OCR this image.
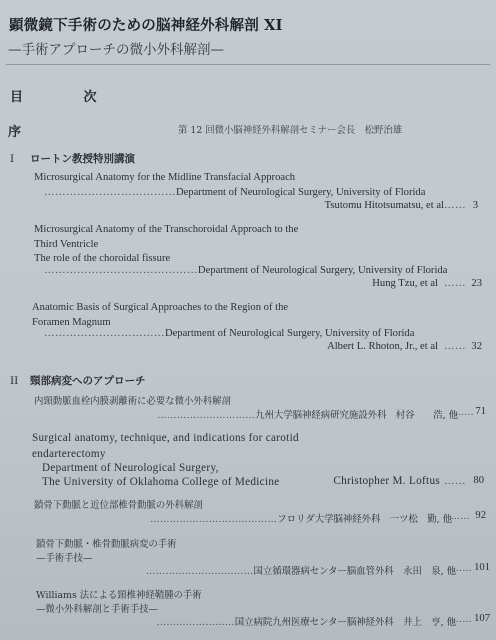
顕微鏡下手術のための脳神経外科解剖 XI
—手術アプローチの微小外科解剖—
目 次
序	第 12 回微小脳神経外科解剖セミナー会長　松野治雄
I ロートン教授特別講演
Microsurgical Anatomy for the Midline Transfacial Approach
………………………………Department of Neurological Surgery, University of Florida
Tsutomu Hitotsumatsu, et al …… 3
Microsurgical Anatomy of the Transchoroidal Approach to the
Third Ventricle
The role of the choroidal fissure
……………………………………Department of Neurological Surgery, University of Florida
Hung Tzu, et al …… 23
Anatomic Basis of Surgical Approaches to the Region of the
Foramen Magnum
……………………………Department of Neurological Surgery, University of Florida
Albert L. Rhoton, Jr., et al …… 32
II 頸部病変へのアプローチ
内頸動脈血栓内膜剥離術に必要な微小外科解剖
…………………………九州大学脳神経病研究施設外科　村谷　　浩, 他
…… 71
Surgical anatomy, technique, and indications for carotid
endarterectomy
Department of Neurological Surgery,
The University of Oklahoma College of Medicine	Christopher M. Loftus …… 80
鎖骨下動脈と近位部椎骨動脈の外科解剖
…………………………………フロリダ大学脳神経外科　一ツ松　勤, 他
…… 92
鎖骨下動脈・椎骨動脈病変の手術
—手術手技—
……………………………国立循環器病センター脳血管外科　永田　泉, 他
…… 101
Williams 法による頸椎神経鞘腫の手術
—微小外科解剖と手術手技—
……………………国立病院九州医療センター脳神経外科　井上　亨, 他
…… 107
